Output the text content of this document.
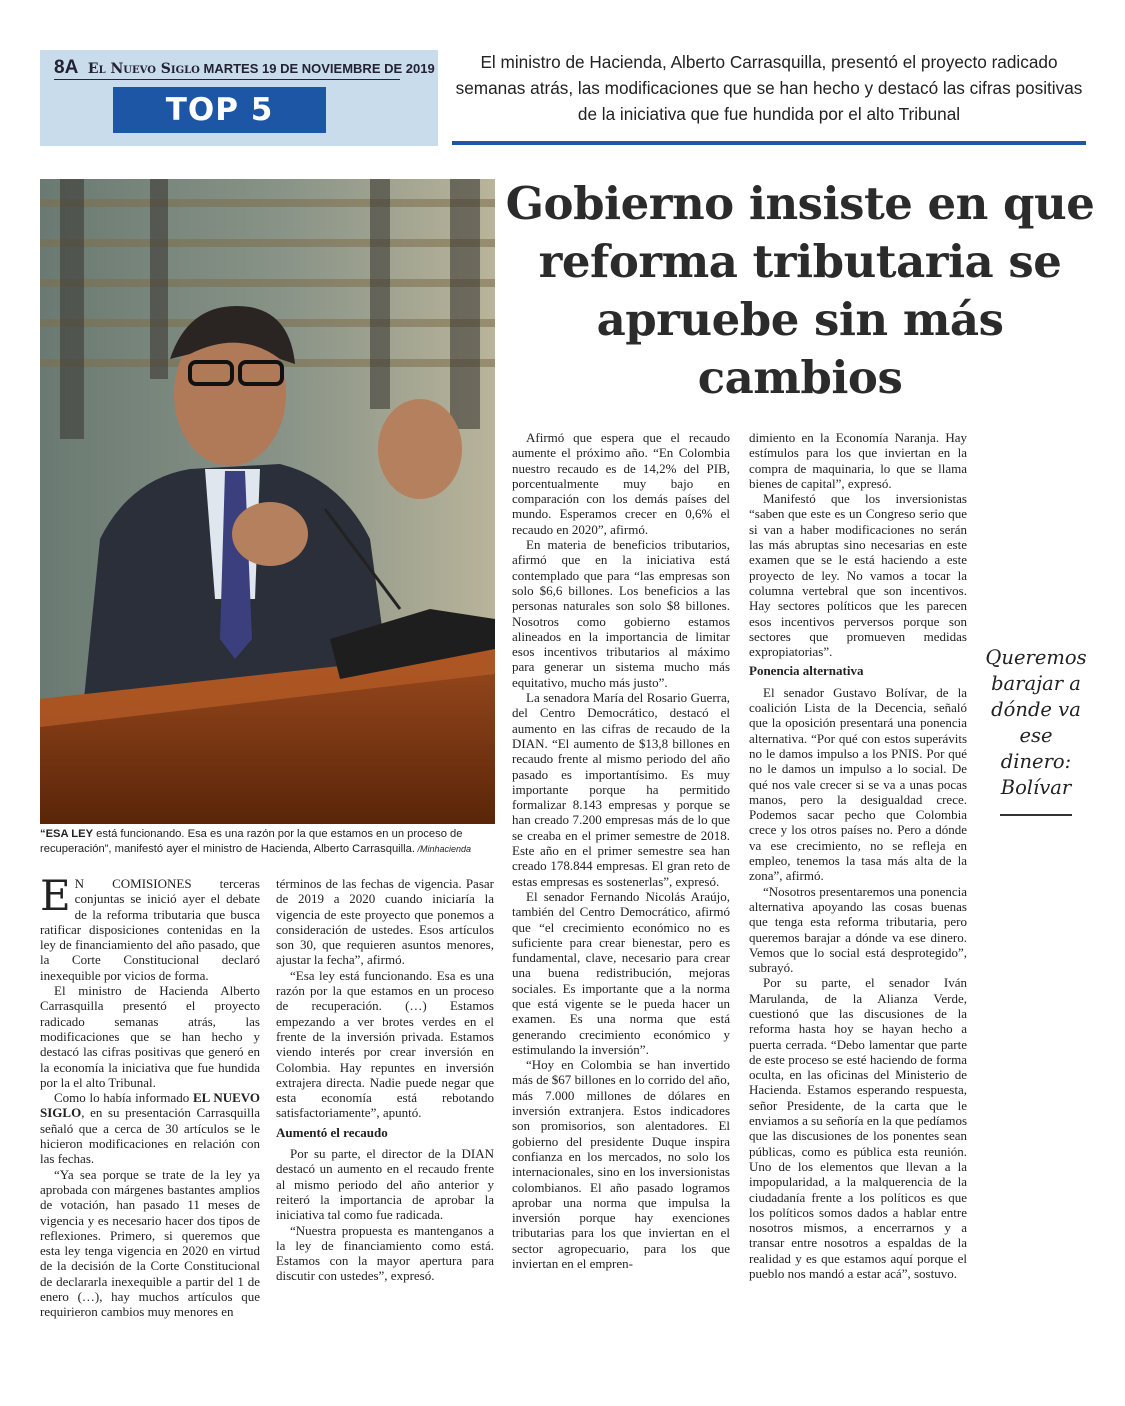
8A El Nuevo Siglo MARTES 19 DE NOVIEMBRE DE 2019
TOP 5
El ministro de Hacienda, Alberto Carrasquilla, presentó el proyecto radicado semanas atrás, las modificaciones que se han hecho y destacó las cifras positivas de la iniciativa que fue hundida por el alto Tribunal
“ESA LEY está funcionando. Esa es una razón por la que estamos en un proceso de recuperación”, manifestó ayer el ministro de Hacienda, Alberto Carrasquilla. /Minhacienda
Gobierno insiste en que reforma tributaria se apruebe sin más cambios

E N COMISIONES terceras conjuntas se inició ayer el debate de la reforma tributaria que busca ratificar disposiciones contenidas en la ley de financiamiento del año pasado, que la Corte Constitucional declaró inexequible por vicios de forma.

El ministro de Hacienda Alberto Carrasquilla presentó el proyecto radicado semanas atrás, las modificaciones que se han hecho y destacó las cifras positivas que generó en la economía la iniciativa que fue hundida por la el alto Tribunal.

Como lo había informado EL NUEVO SIGLO, en su presentación Carrasquilla señaló que a cerca de 30 artículos se le hicieron modificaciones en relación con las fechas.

“Ya sea porque se trate de la ley ya aprobada con márgenes bastantes amplios de votación, han pasado 11 meses de vigencia y es necesario hacer dos tipos de reflexiones. Primero, si queremos que esta ley tenga vigencia en 2020 en virtud de la decisión de la Corte Constitucional de declararla inexequible a partir del 1 de enero (…), hay muchos artículos que requirieron cambios muy menores en

términos de las fechas de vigencia. Pasar de 2019 a 2020 cuando iniciaría la vigencia de este proyecto que ponemos a consideración de ustedes. Esos artículos son 30, que requieren asuntos menores, ajustar la fecha”, afirmó.

“Esa ley está funcionando. Esa es una razón por la que estamos en un proceso de recuperación. (…) Estamos empezando a ver brotes verdes en el frente de la inversión privada. Estamos viendo interés por crear inversión en Colombia. Hay repuntes en inversión extrajera directa. Nadie puede negar que esta economía está rebotando satisfactoriamente”, apuntó.

Aumentó el recaudo

Por su parte, el director de la DIAN destacó un aumento en el recaudo frente al mismo periodo del año anterior y reiteró la importancia de aprobar la iniciativa tal como fue radicada.

“Nuestra propuesta es mantenganos a la ley de financiamiento como está. Estamos con la mayor apertura para discutir con ustedes”, expresó.

Afirmó que espera que el recaudo aumente el próximo año. “En Colombia nuestro recaudo es de 14,2% del PIB, porcentualmente muy bajo en comparación con los demás países del mundo. Esperamos crecer en 0,6% el recaudo en 2020”, afirmó.

En materia de beneficios tributarios, afirmó que en la iniciativa está contemplado que para “las empresas son solo $6,6 billones. Los beneficios a las personas naturales son solo $8 billones. Nosotros como gobierno estamos alineados en la importancia de limitar esos incentivos tributarios al máximo para generar un sistema mucho más equitativo, mucho más justo”.

La senadora María del Rosario Guerra, del Centro Democrático, destacó el aumento en las cifras de recaudo de la DIAN. “El aumento de $13,8 billones en recaudo frente al mismo periodo del año pasado es importantísimo. Es muy importante porque ha permitido formalizar 8.143 empresas y porque se han creado 7.200 empresas más de lo que se creaba en el primer semestre de 2018. Este año en el primer semestre sea han creado 178.844 empresas. El gran reto de estas empresas es sostenerlas”, expresó.

El senador Fernando Nicolás Araújo, también del Centro Democrático, afirmó que “el crecimiento económico no es suficiente para crear bienestar, pero es fundamental, clave, necesario para crear una buena redistribución, mejoras sociales. Es importante que a la norma que está vigente se le pueda hacer un examen. Es una norma que está generando crecimiento económico y estimulando la inversión”.

“Hoy en Colombia se han invertido más de $67 billones en lo corrido del año, más 7.000 millones de dólares en inversión extranjera. Estos indicadores son promisorios, son alentadores. El gobierno del presidente Duque inspira confianza en los mercados, no solo los internacionales, sino en los inversionistas colombianos. El año pasado logramos aprobar una norma que impulsa la inversión porque hay exenciones tributarias para los que inviertan en el sector agropecuario, para los que inviertan en el empren-

dimiento en la Economía Naranja. Hay estímulos para los que inviertan en la compra de maquinaria, lo que se llama bienes de capital”, expresó.

Manifestó que los inversionistas “saben que este es un Congreso serio que si van a haber modificaciones no serán las más abruptas sino necesarias en este examen que se le está haciendo a este proyecto de ley. No vamos a tocar la columna vertebral que son incentivos. Hay sectores políticos que les parecen esos incentivos perversos porque son sectores que promueven medidas expropiatorias”.

Ponencia alternativa

El senador Gustavo Bolívar, de la coalición Lista de la Decencia, señaló que la oposición presentará una ponencia alternativa. “Por qué con estos superávits no le damos impulso a los PNIS. Por qué no le damos un impulso a lo social. De qué nos vale crecer si se va a unas pocas manos, pero la desigualdad crece. Podemos sacar pecho que Colombia crece y los otros países no. Pero a dónde va ese crecimiento, no se refleja en empleo, tenemos la tasa más alta de la zona”, afirmó.

“Nosotros presentaremos una ponencia alternativa apoyando las cosas buenas que tenga esta reforma tributaria, pero queremos barajar a dónde va ese dinero. Vemos que lo social está desprotegido”, subrayó.

Por su parte, el senador Iván Marulanda, de la Alianza Verde, cuestionó que las discusiones de la reforma hasta hoy se hayan hecho a puerta cerrada. “Debo lamentar que parte de este proceso se esté haciendo de forma oculta, en las oficinas del Ministerio de Hacienda. Estamos esperando respuesta, señor Presidente, de la carta que le enviamos a su señoría en la que pedíamos que las discusiones de los ponentes sean públicas, como es pública esta reunión. Uno de los elementos que llevan a la impopularidad, a la malquerencia de la ciudadanía frente a los políticos es que los políticos somos dados a hablar entre nosotros mismos, a encerrarnos y a transar entre nosotros a espaldas de la realidad y es que estamos aquí porque el pueblo nos mandó a estar acá”, sostuvo.

Queremos barajar a dónde va ese dinero: Bolívar
